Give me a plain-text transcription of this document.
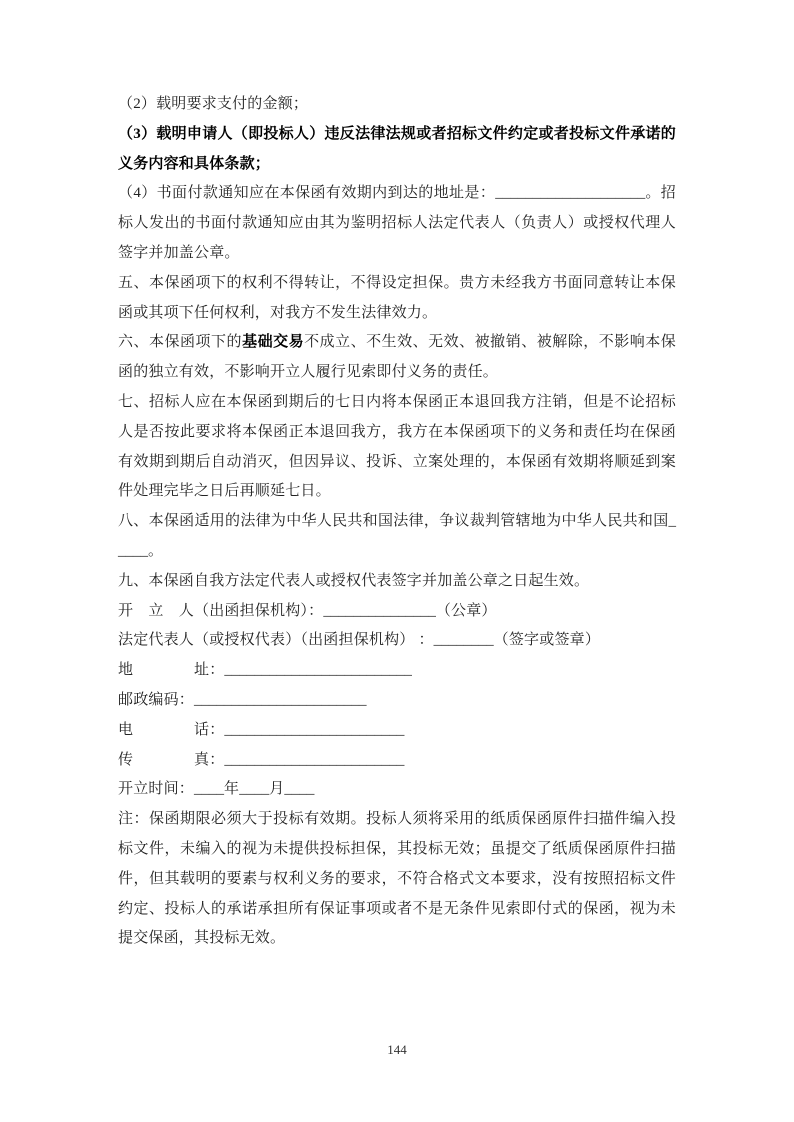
（2）载明要求支付的金额；

（3）载明申请人（即投标人）违反法律法规或者招标文件约定或者投标文件承诺的义务内容和具体条款；

（4）书面付款通知应在本保函有效期内到达的地址是：____________________。招标人发出的书面付款通知应由其为鉴明招标人法定代表人（负责人）或授权代理人签字并加盖公章。

五、本保函项下的权利不得转让，不得设定担保。贵方未经我方书面同意转让本保函或其项下任何权利，对我方不发生法律效力。

六、本保函项下的基础交易不成立、不生效、无效、被撤销、被解除，不影响本保函的独立有效，不影响开立人履行见索即付义务的责任。

七、招标人应在本保函到期后的七日内将本保函正本退回我方注销，但是不论招标人是否按此要求将本保函正本退回我方，我方在本保函项下的义务和责任均在保函有效期到期后自动消灭，但因异议、投诉、立案处理的，本保函有效期将顺延到案件处理完毕之日后再顺延七日。

八、本保函适用的法律为中华人民共和国法律，争议裁判管辖地为中华人民共和国_____。

九、本保函自我方法定代表人或授权代表签字并加盖公章之日起生效。

开　立　人（出函担保机构）：_______________（公章）

法定代表人（或授权代表）（出函担保机构） ：________（签字或签章）

地　　　　址：_________________________

邮政编码：_______________________

电　　　　话：________________________

传　　　　真：________________________

开立时间：____年____月____

注：保函期限必须大于投标有效期。投标人须将采用的纸质保函原件扫描件编入投标文件，未编入的视为未提供投标担保，其投标无效；虽提交了纸质保函原件扫描件，但其载明的要素与权利义务的要求，不符合格式文本要求，没有按照招标文件约定、投标人的承诺承担所有保证事项或者不是无条件见索即付式的保函，视为未提交保函，其投标无效。

144
